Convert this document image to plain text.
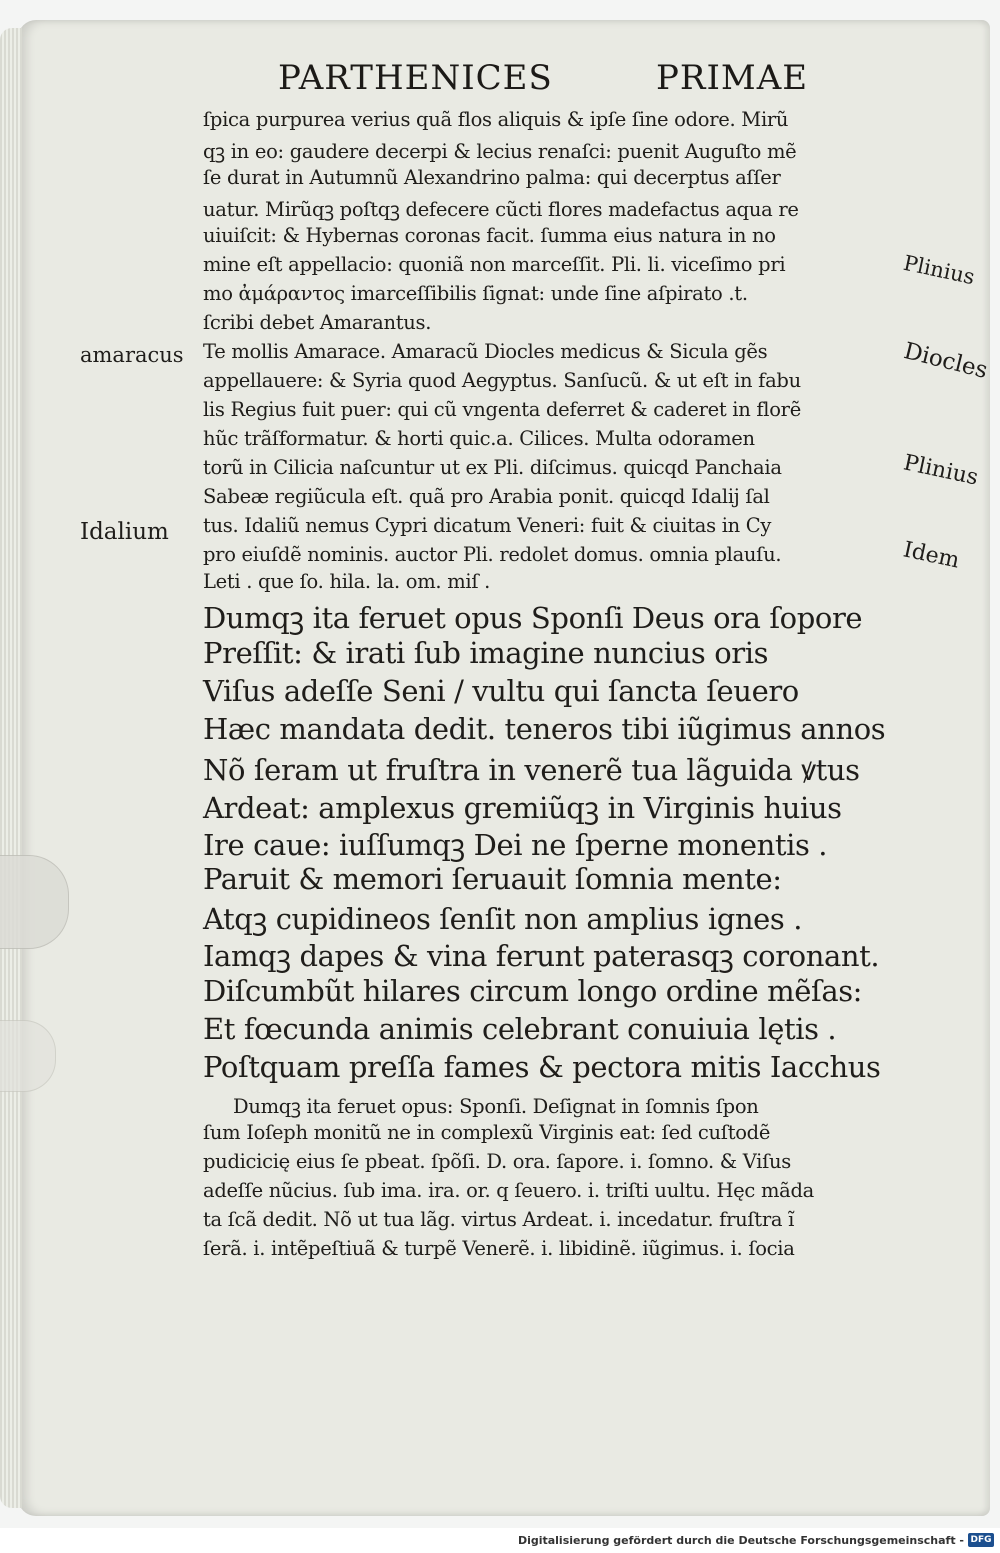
PARTHENICES	PRIMAE
ſpica purpurea verius quã flos aliquis & ipſe ſine odore. Mirũ
qꝫ in eo: gaudere decerpi & lecius renaſci: puenit Auguſto mẽ
ſe durat in Autumnũ Alexandrino palma: qui decerptus aſſer
uatur. Mirũqꝫ poſtqꝫ defecere cũcti flores madefactus aqua re
uiuiſcit: & Hybernas coronas facit. ſumma eius natura in no
mine eſt appellacio: quoniã non marceſſit. Pli. li. viceſimo pri
mo ἀμάραντος imarceſſibilis ſignat: unde ſine aſpirato .t.
ſcribi debet Amarantus.
Te mollis Amarace. Amaracũ Diocles medicus & Sicula gẽs
appellauere: & Syria quod Aegyptus. Sanſucũ. & ut eſt in fabu
lis Regius fuit puer: qui cũ vngenta deferret & caderet in florẽ
hũc trãſformatur. & horti quic.a. Cilices. Multa odoramen
torũ in Cilicia naſcuntur ut ex Pli. diſcimus. quicqd Panchaia
Sabeæ regiũcula eſt. quã pro Arabia ponit. quicqd Idalij ſal
tus. Idaliũ nemus Cypri dicatum Veneri: fuit & ciuitas in Cy
pro eiuſdẽ nominis. auctor Pli. redolet domus. omnia plauſu.
Leti . que ſo. hila. la. om. miſ .
Dumqꝫ ita feruet opus Sponſi Deus ora ſopore
Preſſit: & irati ſub imagine nuncius oris
Viſus adeſſe Seni / vultu qui ſancta ſeuero
Hæc mandata dedit. teneros tibi iũgimus annos
Nõ ſeram ut fruſtra in venerẽ tua lãguida ꝟtus
Ardeat: amplexus gremiũqꝫ in Virginis huius
Ire caue: iuſſumqꝫ Dei ne ſperne monentis .
Paruit & memori ſeruauit ſomnia mente:
Atqꝫ cupidineos ſenſit non amplius ignes .
Iamqꝫ dapes & vina ferunt paterasqꝫ coronant.
Diſcumbũt hilares circum longo ordine mẽſas:
Et fœcunda animis celebrant conuiuia lętis .
Poſtquam preſſa fames & pectora mitis Iacchus
Dumqꝫ ita feruet opus: Sponſi. Deſignat in ſomnis ſpon
ſum Ioſeph monitũ ne in complexũ Virginis eat: ſed cuſtodẽ
pudicicię eius ſe pbeat. ſpõſi. D. ora. ſapore. i. ſomno. & Viſus
adeſſe nũcius. ſub ima. ira. or. q ſeuero. i. triſti uultu. Hęc mãda
ta ſcã dedit. Nõ ut tua lãg. virtus Ardeat. i. incedatur. fruſtra ĩ
ſerã. i. intẽpeſtiuã & turpẽ Venerẽ. i. libidinẽ. iũgimus. i. ſocia
amaracus
Idalium
Plinius
Diocles
Plinius
Idem
Digitalisierung gefördert durch die Deutsche Forschungsgemeinschaft - DFG
